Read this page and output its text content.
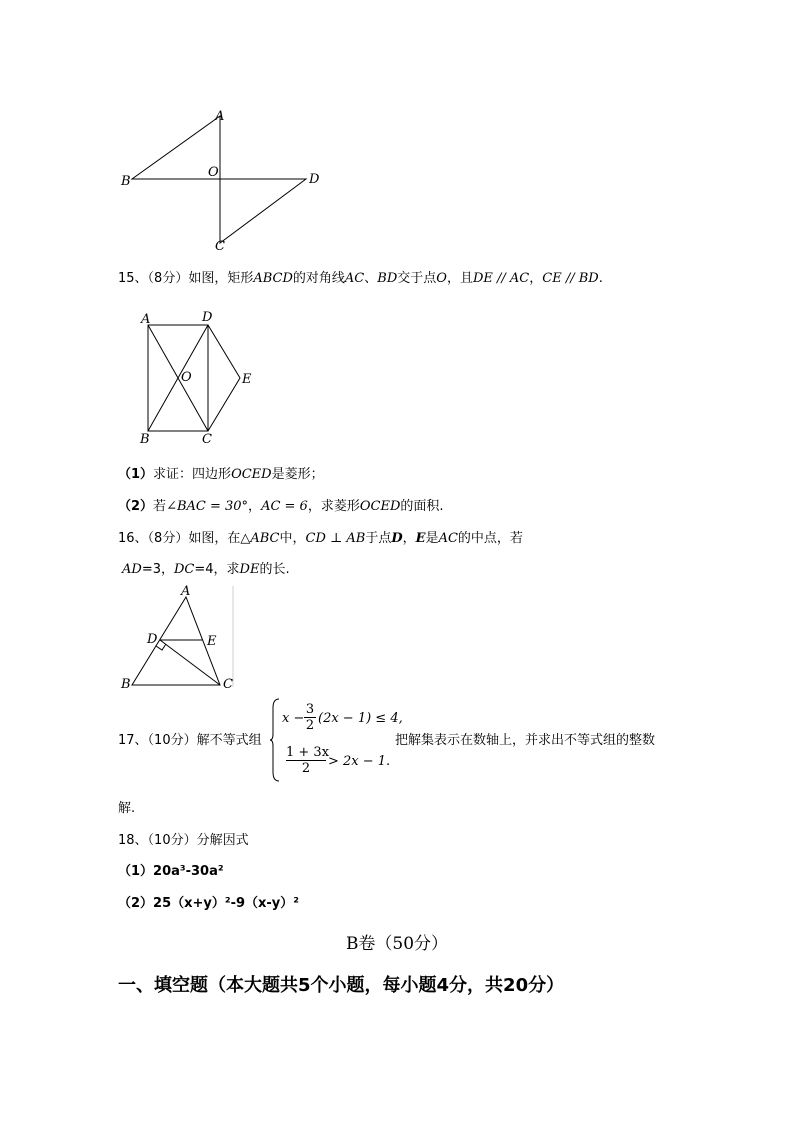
A
B
C
D
O
15、（8分）如图，矩形ABCD的对角线AC、BD交于点O，且DE // AC，CE // BD.
A	D
O	E
B	C
（1）求证：四边形OCED是菱形；
（2）若∠BAC = 30°，AC = 6，求菱形OCED的面积.
16、（8分）如图，在△ABC中，CD ⊥ AB于点D，E是AC的中点，若
AD=3，DC=4，求DE的长.
A
D	E
B	C
17、（10分）解不等式组
$x - \frac{3}{2} (2x - 1) \le 4$,
$\frac{1 + 3x}{2} > 2x - 1$.
把解集表示在数轴上，并求出不等式组的整数
解.
18、（10分）分解因式
（1）20a³-30a²
（2）25（x+y）²-9（x-y）²
B卷（50分）
一、填空题（本大题共5个小题，每小题4分，共20分）
